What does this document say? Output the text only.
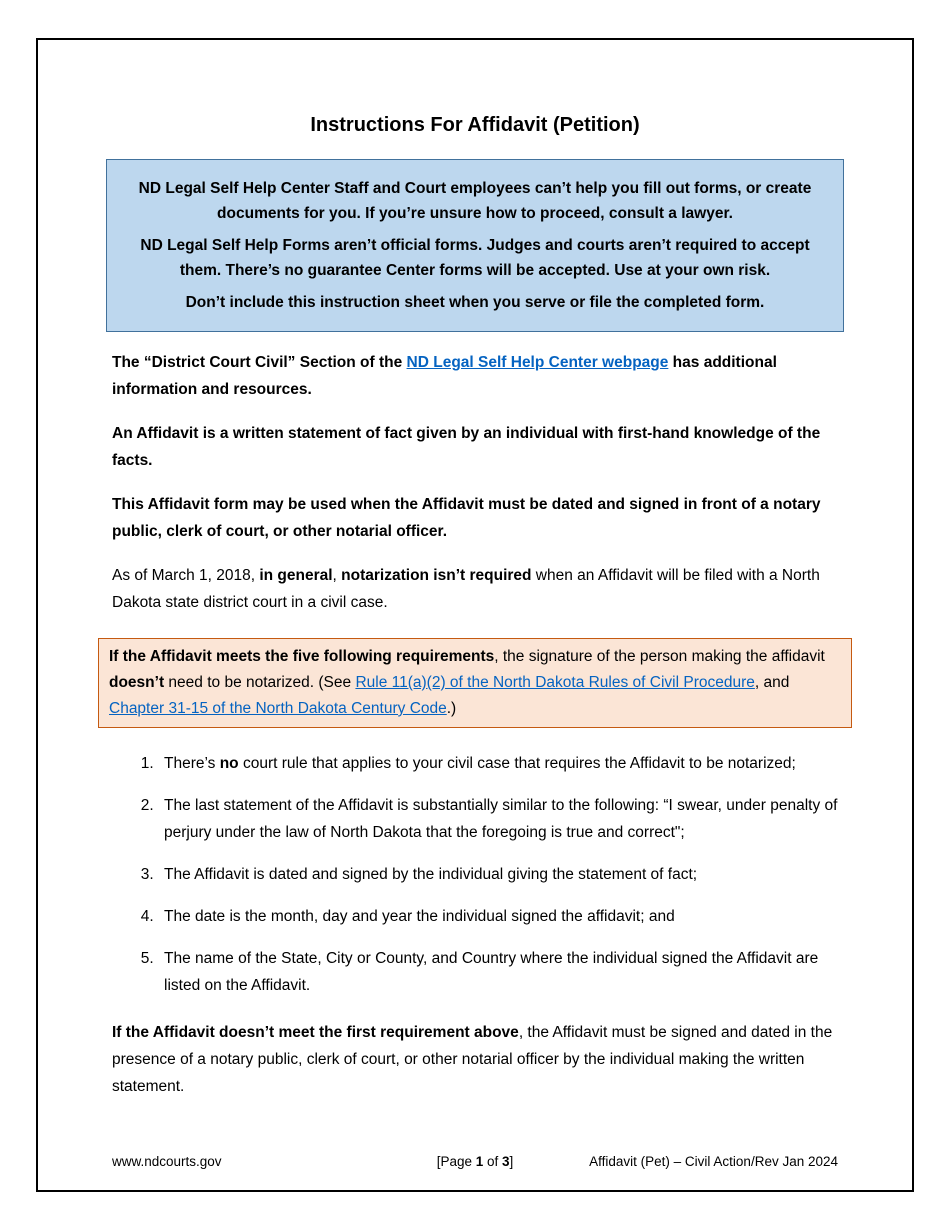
Instructions For Affidavit (Petition)

ND Legal Self Help Center Staff and Court employees can’t help you fill out forms, or create documents for you. If you’re unsure how to proceed, consult a lawyer.

ND Legal Self Help Forms aren’t official forms. Judges and courts aren’t required to accept them. There’s no guarantee Center forms will be accepted. Use at your own risk.

Don’t include this instruction sheet when you serve or file the completed form.

The “District Court Civil” Section of the ND Legal Self Help Center webpage has additional information and resources.

An Affidavit is a written statement of fact given by an individual with first-hand knowledge of the facts.

This Affidavit form may be used when the Affidavit must be dated and signed in front of a notary public, clerk of court, or other notarial officer.

As of March 1, 2018, in general, notarization isn’t required when an Affidavit will be filed with a North Dakota state district court in a civil case.

If the Affidavit meets the five following requirements, the signature of the person making the affidavit doesn’t need to be notarized. (See Rule 11(a)(2) of the North Dakota Rules of Civil Procedure, and Chapter 31-15 of the North Dakota Century Code.)
1. There’s no court rule that applies to your civil case that requires the Affidavit to be notarized;
2. The last statement of the Affidavit is substantially similar to the following: “I swear, under penalty of perjury under the law of North Dakota that the foregoing is true and correct";
3. The Affidavit is dated and signed by the individual giving the statement of fact;
4. The date is the month, day and year the individual signed the affidavit; and
5. The name of the State, City or County, and Country where the individual signed the Affidavit are listed on the Affidavit.

If the Affidavit doesn’t meet the first requirement above, the Affidavit must be signed and dated in the presence of a notary public, clerk of court, or other notarial officer by the individual making the written statement.

[Page 1 of 3]
www.ndcourts.gov	Affidavit (Pet) – Civil Action/Rev Jan 2024
